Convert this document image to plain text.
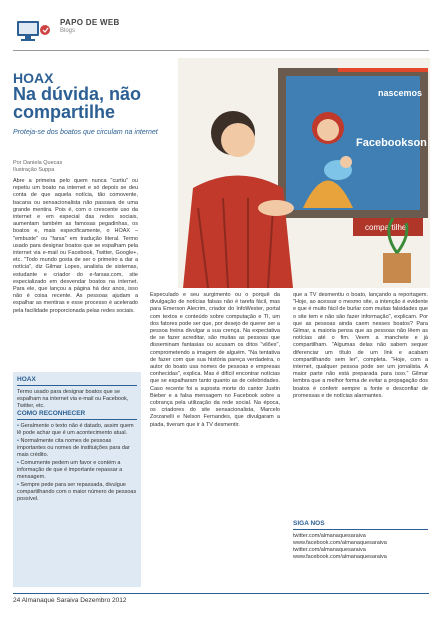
PAPO DE WEB
Blogs
HOAX
Na dúvida, não compartilhe
Proteja-se dos boatos que circulam na internet
Por Daniela Quecas
Ilustração Suppa
nascemos
Facebookson
compartilhe

Abre a primeira pelo quem nunca "curtiu" ou repetiu um boato na internet e só depois se deu conta de que aquela notícia, tão comovente, bacana ou sensacionalista não passava de uma grande mentira. Pois é, com o crescente uso da internet e em especial das redes sociais, aumentam também as famosas pegadinhas, os boatos e, mais especificamente, o HOAX – "embuste" ou "farsa" em tradução literal. Termo usado para designar boatos que se espalham pela internet via e-mail ou Facebook, Twitter, Google+, etc. "Todo mundo gosta de ser o primeiro a dar a notícia", diz Gilmar Lopes, analista de sistemas, estudante e criador do e-farsas.com, site especializado em desvendar boatos na internet. Para ele, que lançou a página há dez anos, isso não é coisa recente. As pessoas ajudam a espalhar as mentiras e esse processo é acelerado pela facilidade proporcionada pelas redes sociais.

Especulado e seu surgimento ou o porquê da divulgação de notícias falsas não é tarefa fácil, mas para Emerson Alecrim, criador do InfoWester, portal com textos e conteúdo sobre computação e TI, um dos fatores pode ser que, por desejo de querer ser a pessoa treina divulgar a sua crença. Na expectativa de se fazer acreditar, são muitas as pessoas que disseminam fantasias ou acusam os ditos "vilões", comprometendo a imagem de alguém. "Na tentativa de fazer com que sua história pareça verdadeira, o autor do boato usa nomes de pessoas e empresas conhecidas", explica. Mas é difícil encontrar notícias que se espalharam tanto quanto as de celebridades. Caso recente foi a suposta morte do cantor Justin Bieber e a falsa mensagem no Facebook sobre a cobrança pela utilização da rede social. Na época, os criadores do site sensacionalista, Marcelo Zorzanelli e Nelson Fernandes, que divulgaram a piada, tiveram que ir à TV desmentir.

que a TV desmentiu o boato, lançando a reportagem. "Hoje, ao acessar o mesmo site, a intenção é evidente e que é muito fácil de burlar com muitas falsidades que o site tem e não são fazer informação", explicam. Por que as pessoas ainda caem nesses boatos? Para Gilmar, a maioria pensa que as pessoas não lêem as notícias até o fim. Veem a manchete e já compartilham. "Algumas delas não sabem sequer diferenciar um título de um link e acabam compartilhando sem ler", completa. "Hoje, com a internet, qualquer pessoa pode ser um jornalista. A maior parte não está preparada para isso." Gilmar lembra que a melhor forma de evitar a propagação dos boatos é conferir sempre a fonte e desconfiar de promessas e de notícias alarmantes.

HOAX

Termo usado para designar boatos que se espalham na internet via e-mail ou Facebook, Twitter, etc.

COMO RECONHECER
• Geralmente o texto não é datado, assim quem lê pode achar que é um acontecimento atual.
• Normalmente cita nomes de pessoas importantes ou nomes de instituições para dar mais crédito.
• Comumente pedem um favor e contém a informação de que é importante repassar a mensagem.
• Sempre pede para ser repassada, divulgue compartilhando com o maior número de pessoas possível.
SIGA NOS
twitter.com/almanaquesaraiva
www.facebook.com/almanaquesaraiva
twitter.com/almanaquesaraiva
www.facebook.com/almanaquesaraiva
24 Almanaque Saraiva Dezembro 2012
